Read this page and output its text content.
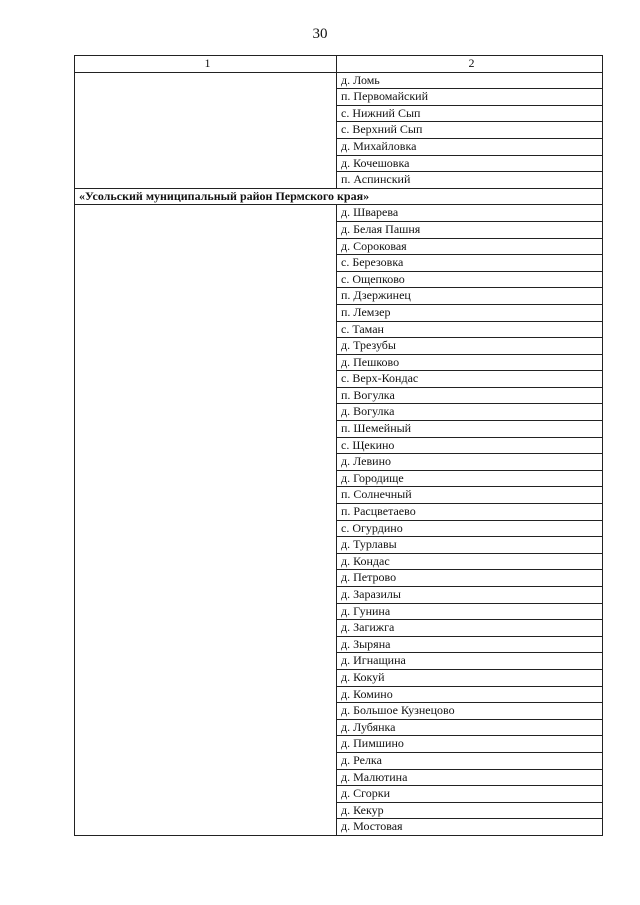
30
1	2
	д. Ломь
	п. Первомайский
	с. Нижний Сып
	с. Верхний Сып
	д. Михайловка
	д. Кочешовка
	п. Аспинский
«Усольский муниципальный район Пермского края»	
	д. Шварева
	д. Белая Пашня
	д. Сороковая
	с. Березовка
	с. Ощепково
	п. Дзержинец
	п. Лемзер
	с. Таман
	д. Трезубы
	д. Пешково
	с. Верх-Кондас
	п. Вогулка
	д. Вогулка
	п. Шемейный
	с. Щекино
	д. Левино
	д. Городище
	п. Солнечный
	п. Расцветаево
	с. Огурдино
	д. Турлавы
	д. Кондас
	д. Петрово
	д. Заразилы
	д. Гунина
	д. Загижга
	д. Зыряна
	д. Игнащина
	д. Кокуй
	д. Комино
	д. Большое Кузнецово
	д. Лубянка
	д. Пимшино
	д. Релка
	д. Малютина
	д. Сгорки
	д. Кекур
	д. Мостовая
